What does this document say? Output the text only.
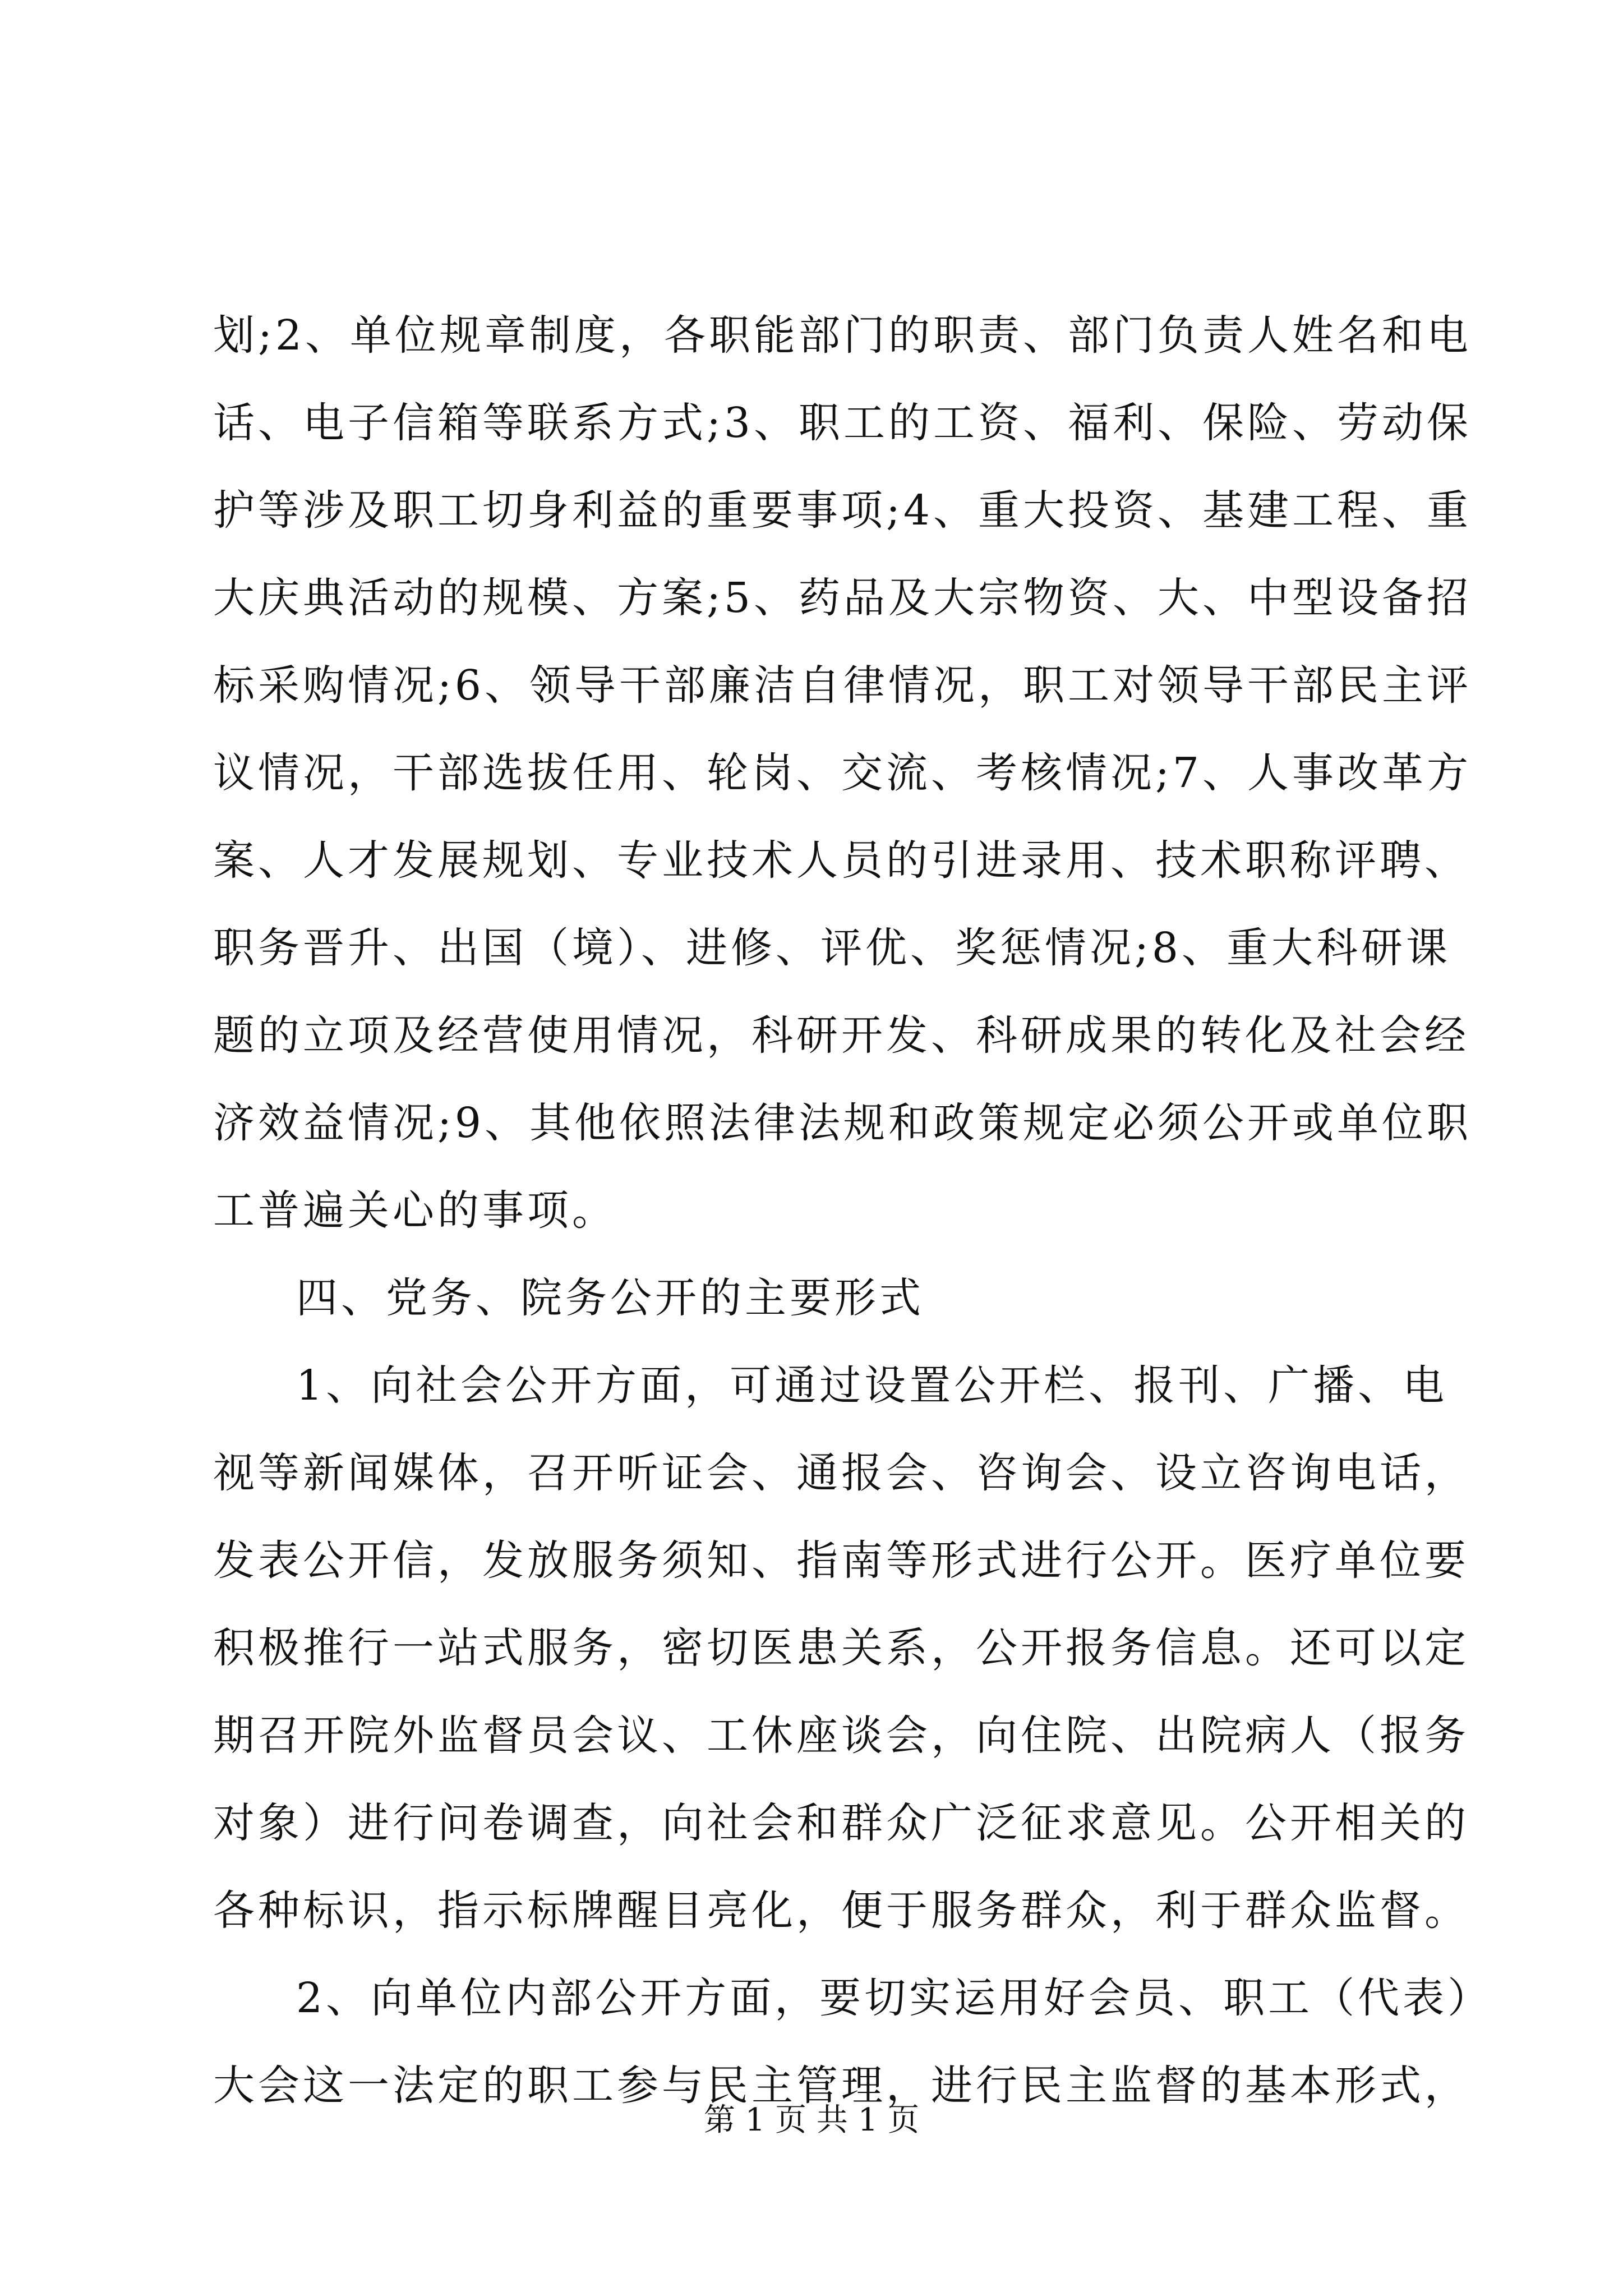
划;2、单位规章制度，各职能部门的职责、部门负责人姓名和电
话、电子信箱等联系方式;3、职工的工资、福利、保险、劳动保
护等涉及职工切身利益的重要事项;4、重大投资、基建工程、重
大庆典活动的规模、方案;5、药品及大宗物资、大、中型设备招
标采购情况;6、领导干部廉洁自律情况，职工对领导干部民主评
议情况，干部选拔任用、轮岗、交流、考核情况;7、人事改革方
案、人才发展规划、专业技术人员的引进录用、技术职称评聘、
职务晋升、出国（境）、进修、评优、奖惩情况;8、重大科研课
题的立项及经营使用情况，科研开发、科研成果的转化及社会经
济效益情况;9、其他依照法律法规和政策规定必须公开或单位职
工普遍关心的事项。
四、党务、院务公开的主要形式
1、向社会公开方面，可通过设置公开栏、报刊、广播、电
视等新闻媒体，召开听证会、通报会、咨询会、设立咨询电话，
发表公开信，发放服务须知、指南等形式进行公开。医疗单位要
积极推行一站式服务，密切医患关系，公开报务信息。还可以定
期召开院外监督员会议、工休座谈会，向住院、出院病人（报务
对象）进行问卷调查，向社会和群众广泛征求意见。公开相关的
各种标识，指示标牌醒目亮化，便于服务群众，利于群众监督。
2、向单位内部公开方面，要切实运用好会员、职工（代表）
大会这一法定的职工参与民主管理，进行民主监督的基本形式，
第 1 页 共 1 页
